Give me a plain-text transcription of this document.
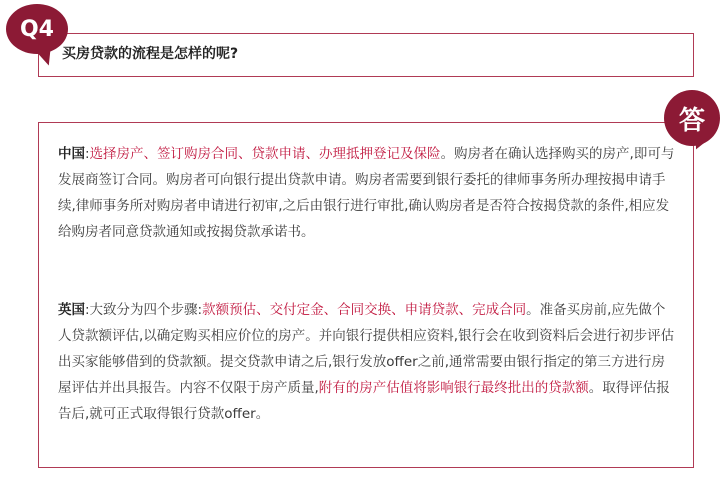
Q4
买房贷款的流程是怎样的呢?
答
中国:选择房产、签订购房合同、贷款申请、办理抵押登记及保险。购房者在确认选择购买的房产,即可与发展商签订合同。购房者可向银行提出贷款申请。购房者需要到银行委托的律师事务所办理按揭申请手续,律师事务所对购房者申请进行初审,之后由银行进行审批,确认购房者是否符合按揭贷款的条件,相应发给购房者同意贷款通知或按揭贷款承诺书。
英国:大致分为四个步骤:款额预估、交付定金、合同交换、申请贷款、完成合同。准备买房前,应先做个人贷款额评估,以确定购买相应价位的房产。并向银行提供相应资料,银行会在收到资料后会进行初步评估出买家能够借到的贷款额。提交贷款申请之后,银行发放offer之前,通常需要由银行指定的第三方进行房屋评估并出具报告。内容不仅限于房产质量,附有的房产估值将影响银行最终批出的贷款额。取得评估报告后,就可正式取得银行贷款offer。
